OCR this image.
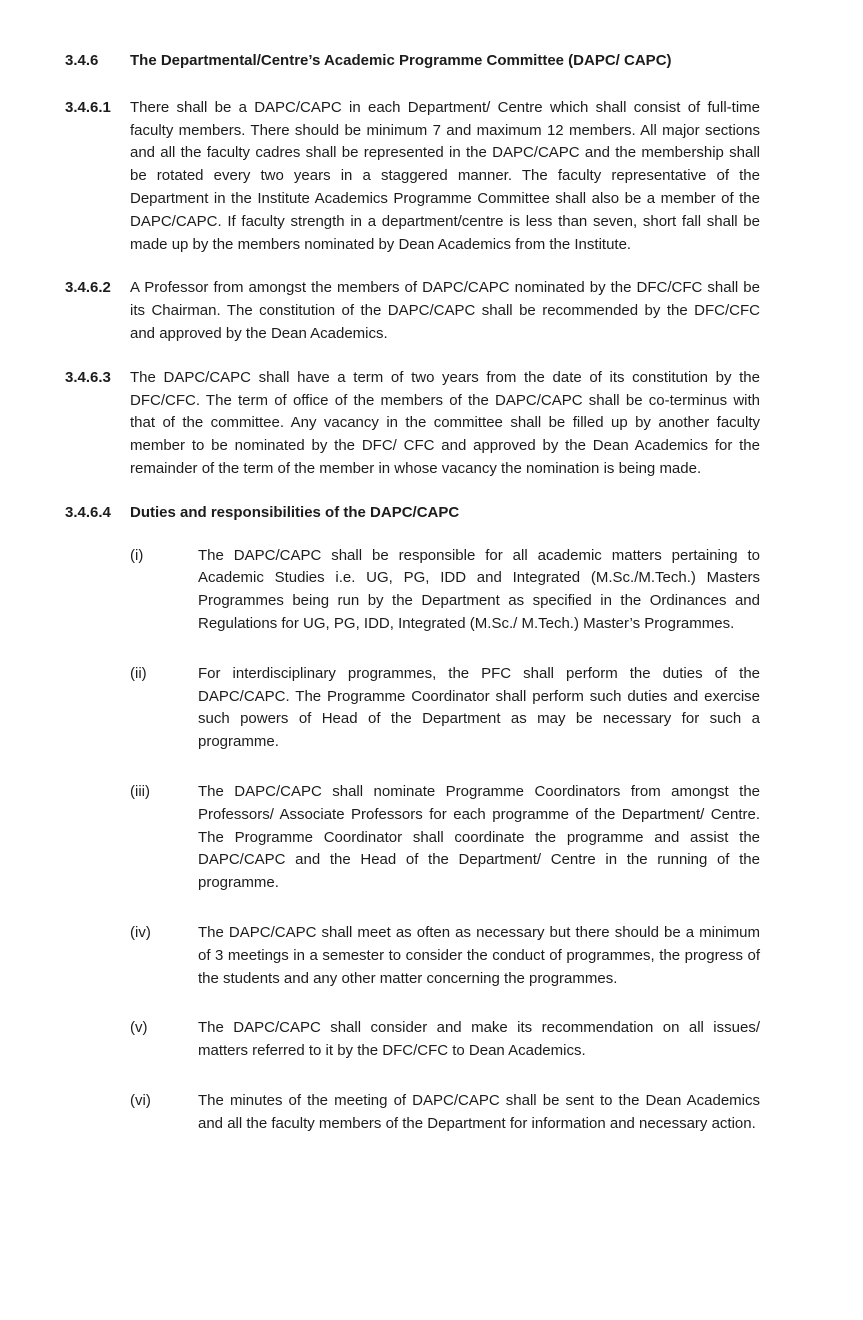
3.4.6	The Departmental/Centre’s Academic Programme Committee (DAPC/ CAPC)
3.4.6.1	There shall be a DAPC/CAPC in each Department/ Centre which shall consist of full-time faculty members. There should be minimum 7 and maximum 12 members. All major sections and all the faculty cadres shall be represented in the DAPC/CAPC and the membership shall be rotated every two years in a staggered manner. The faculty representative of the Department in the Institute Academics Programme Committee shall also be a member of the DAPC/CAPC. If faculty strength in a department/centre is less than seven, short fall shall be made up by the members nominated by Dean Academics from the Institute.
3.4.6.2	A Professor from amongst the members of DAPC/CAPC nominated by the DFC/CFC shall be its Chairman. The constitution of the DAPC/CAPC shall be recommended by the DFC/CFC and approved by the Dean Academics.
3.4.6.3	The DAPC/CAPC shall have a term of two years from the date of its constitution by the DFC/CFC. The term of office of the members of the DAPC/CAPC shall be co-terminus with that of the committee. Any vacancy in the committee shall be filled up by another faculty member to be nominated by the DFC/ CFC and approved by the Dean Academics for the remainder of the term of the member in whose vacancy the nomination is being made.
3.4.6.4	Duties and responsibilities of the DAPC/CAPC
(i)	The DAPC/CAPC shall be responsible for all academic matters pertaining to Academic Studies i.e. UG, PG, IDD and Integrated (M.Sc./M.Tech.) Masters Programmes being run by the Department as specified in the Ordinances and Regulations for UG, PG, IDD, Integrated (M.Sc./ M.Tech.) Master’s Programmes.
(ii)	For interdisciplinary programmes, the PFC shall perform the duties of the DAPC/CAPC. The Programme Coordinator shall perform such duties and exercise such powers of Head of the Department as may be necessary for such a programme.
(iii)	The DAPC/CAPC shall nominate Programme Coordinators from amongst the Professors/ Associate Professors for each programme of the Department/ Centre. The Programme Coordinator shall coordinate the programme and assist the DAPC/CAPC and the Head of the Department/ Centre in the running of the programme.
(iv)	The DAPC/CAPC shall meet as often as necessary but there should be a minimum of 3 meetings in a semester to consider the conduct of programmes, the progress of the students and any other matter concerning the programmes.
(v)	The DAPC/CAPC shall consider and make its recommendation on all issues/ matters referred to it by the DFC/CFC to Dean Academics.
(vi)	The minutes of the meeting of DAPC/CAPC shall be sent to the Dean Academics and all the faculty members of the Department for information and necessary action.
